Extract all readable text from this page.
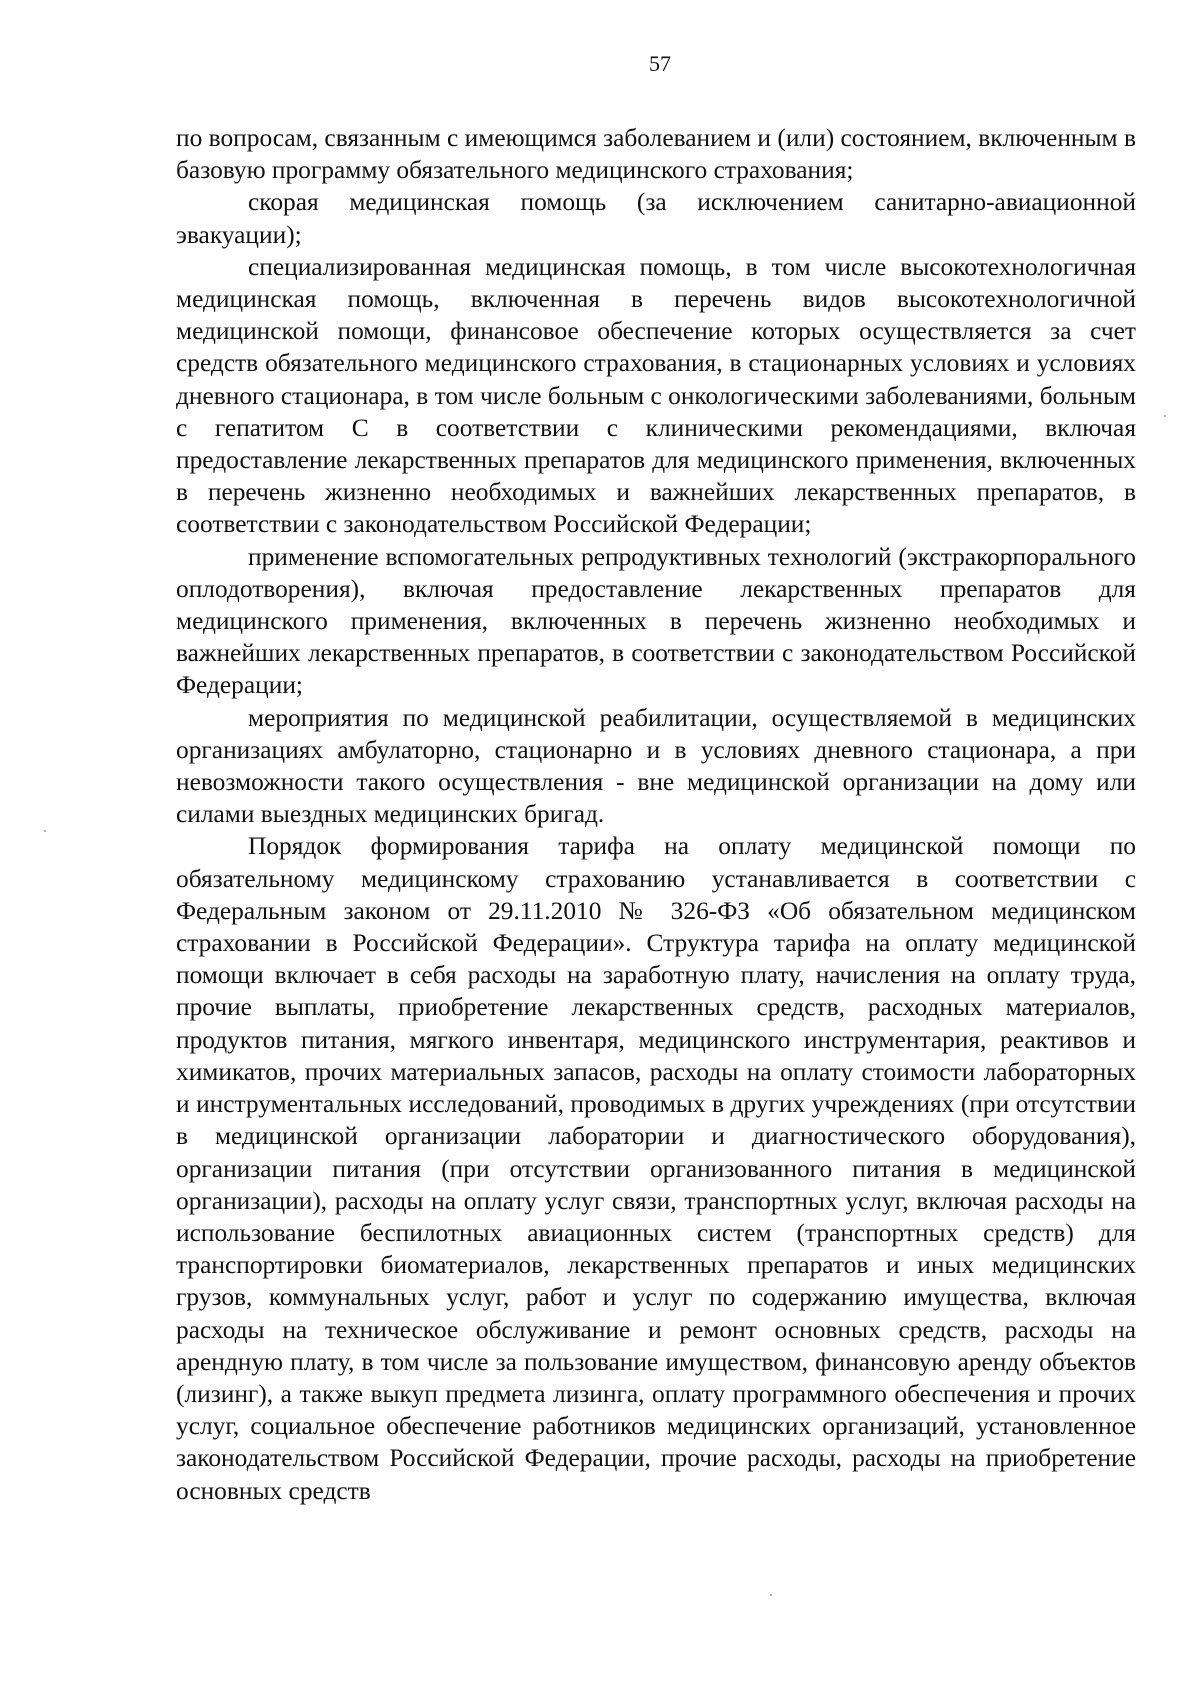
57

по вопросам, связанным с имеющимся заболеванием и (или) состоянием, включенным в базовую программу обязательного медицинского страхования;

скорая медицинская помощь (за исключением санитарно-авиационной эвакуации);

специализированная медицинская помощь, в том числе высокотехнологичная медицинская помощь, включенная в перечень видов высокотехнологичной медицинской помощи, финансовое обеспечение которых осуществляется за счет средств обязательного медицинского страхования, в стационарных условиях и условиях дневного стационара, в том числе больным с онкологическими заболеваниями, больным с гепатитом С в соответствии с клиническими рекомендациями, включая предоставление лекарственных препаратов для медицинского применения, включенных в перечень жизненно необходимых и важнейших лекарственных препаратов, в соответствии с законодательством Российской Федерации;

применение вспомогательных репродуктивных технологий (экстракорпорального оплодотворения), включая предоставление лекарственных препаратов для медицинского применения, включенных в перечень жизненно необходимых и важнейших лекарственных препаратов, в соответствии с законодательством Российской Федерации;

мероприятия по медицинской реабилитации, осуществляемой в медицинских организациях амбулаторно, стационарно и в условиях дневного стационара, а при невозможности такого осуществления - вне медицинской организации на дому или силами выездных медицинских бригад.

Порядок формирования тарифа на оплату медицинской помощи по обязательному медицинскому страхованию устанавливается в соответствии с Федеральным законом от 29.11.2010 № 326-ФЗ «Об обязательном медицинском страховании в Российской Федерации». Структура тарифа на оплату медицинской помощи включает в себя расходы на заработную плату, начисления на оплату труда, прочие выплаты, приобретение лекарственных средств, расходных материалов, продуктов питания, мягкого инвентаря, медицинского инструментария, реактивов и химикатов, прочих материальных запасов, расходы на оплату стоимости лабораторных и инструментальных исследований, проводимых в других учреждениях (при отсутствии в медицинской организации лаборатории и диагностического оборудования), организации питания (при отсутствии организованного питания в медицинской организации), расходы на оплату услуг связи, транспортных услуг, включая расходы на использование беспилотных авиационных систем (транспортных средств) для транспортировки биоматериалов, лекарственных препаратов и иных медицинских грузов, коммунальных услуг, работ и услуг по содержанию имущества, включая расходы на техническое обслуживание и ремонт основных средств, расходы на арендную плату, в том числе за пользование имуществом, финансовую аренду объектов (лизинг), а также выкуп предмета лизинга, оплату программного обеспечения и прочих услуг, социальное обеспечение работников медицинских организаций, установленное законодательством Российской Федерации, прочие расходы, расходы на приобретение основных средств
